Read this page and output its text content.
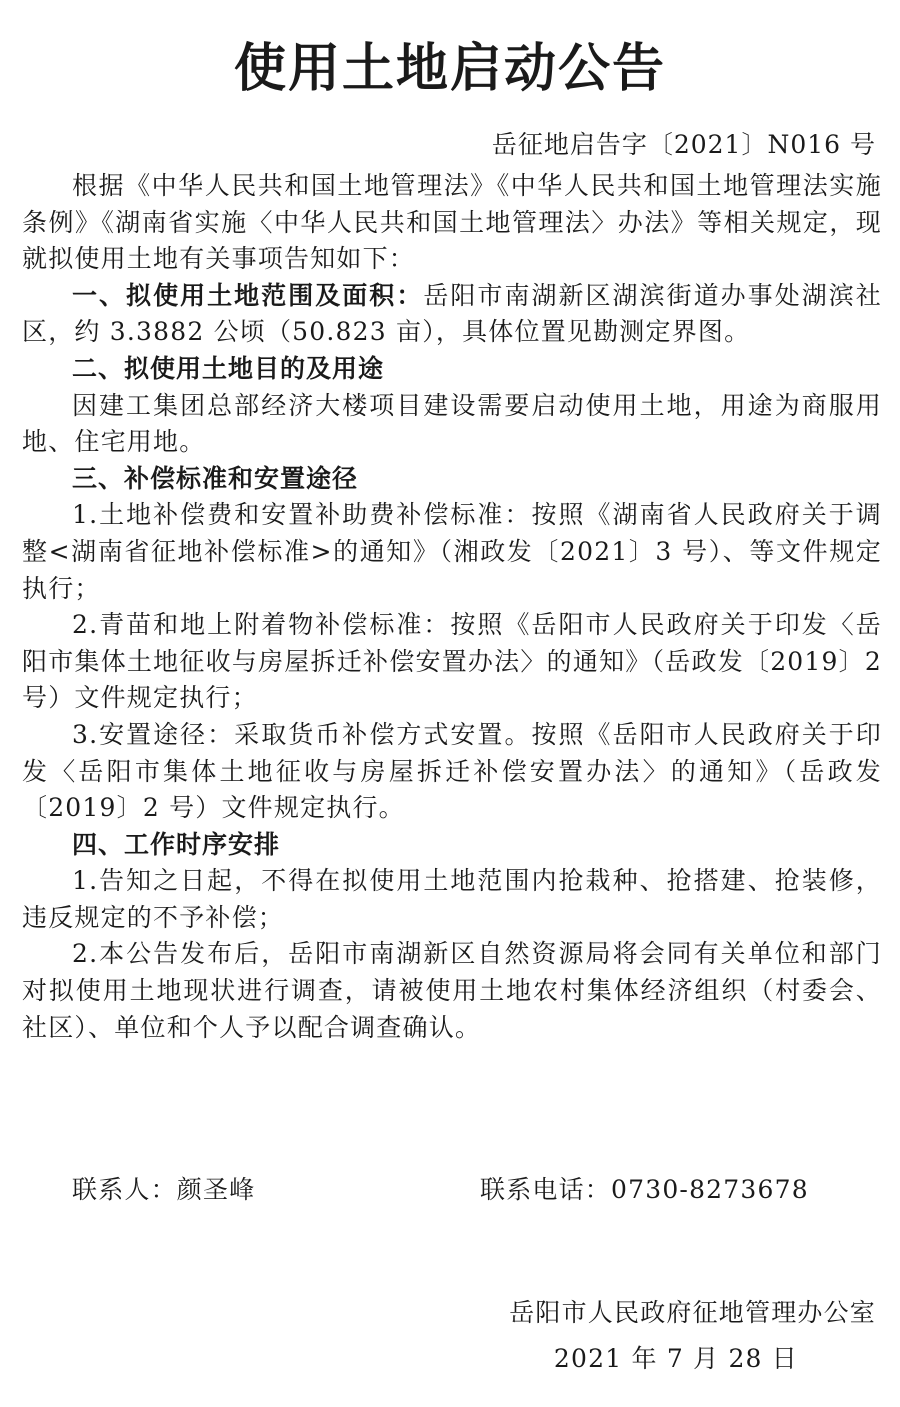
使用土地启动公告
岳征地启告字〔2021〕N016 号

根据《中华人民共和国土地管理法》《中华人民共和国土地管理法实施条例》《湖南省实施〈中华人民共和国土地管理法〉办法》等相关规定，现就拟使用土地有关事项告知如下：

一、拟使用土地范围及面积：岳阳市南湖新区湖滨街道办事处湖滨社区，约 3.3882 公顷（50.823 亩），具体位置见勘测定界图。

二、拟使用土地目的及用途

因建工集团总部经济大楼项目建设需要启动使用土地，用途为商服用地、住宅用地。

三、补偿标准和安置途径

1.土地补偿费和安置补助费补偿标准：按照《湖南省人民政府关于调整<湖南省征地补偿标准>的通知》（湘政发〔2021〕3 号）、等文件规定执行；

2.青苗和地上附着物补偿标准：按照《岳阳市人民政府关于印发〈岳阳市集体土地征收与房屋拆迁补偿安置办法〉的通知》（岳政发〔2019〕2 号）文件规定执行；

3.安置途径：采取货币补偿方式安置。按照《岳阳市人民政府关于印发〈岳阳市集体土地征收与房屋拆迁补偿安置办法〉的通知》（岳政发〔2019〕2 号）文件规定执行。

四、工作时序安排

1.告知之日起，不得在拟使用土地范围内抢栽种、抢搭建、抢装修，违反规定的不予补偿；

2.本公告发布后，岳阳市南湖新区自然资源局将会同有关单位和部门对拟使用土地现状进行调查，请被使用土地农村集体经济组织（村委会、社区）、单位和个人予以配合调查确认。

联系人：颜圣峰	联系电话：0730-8273678
岳阳市人民政府征地管理办公室
2021 年 7 月 28 日
